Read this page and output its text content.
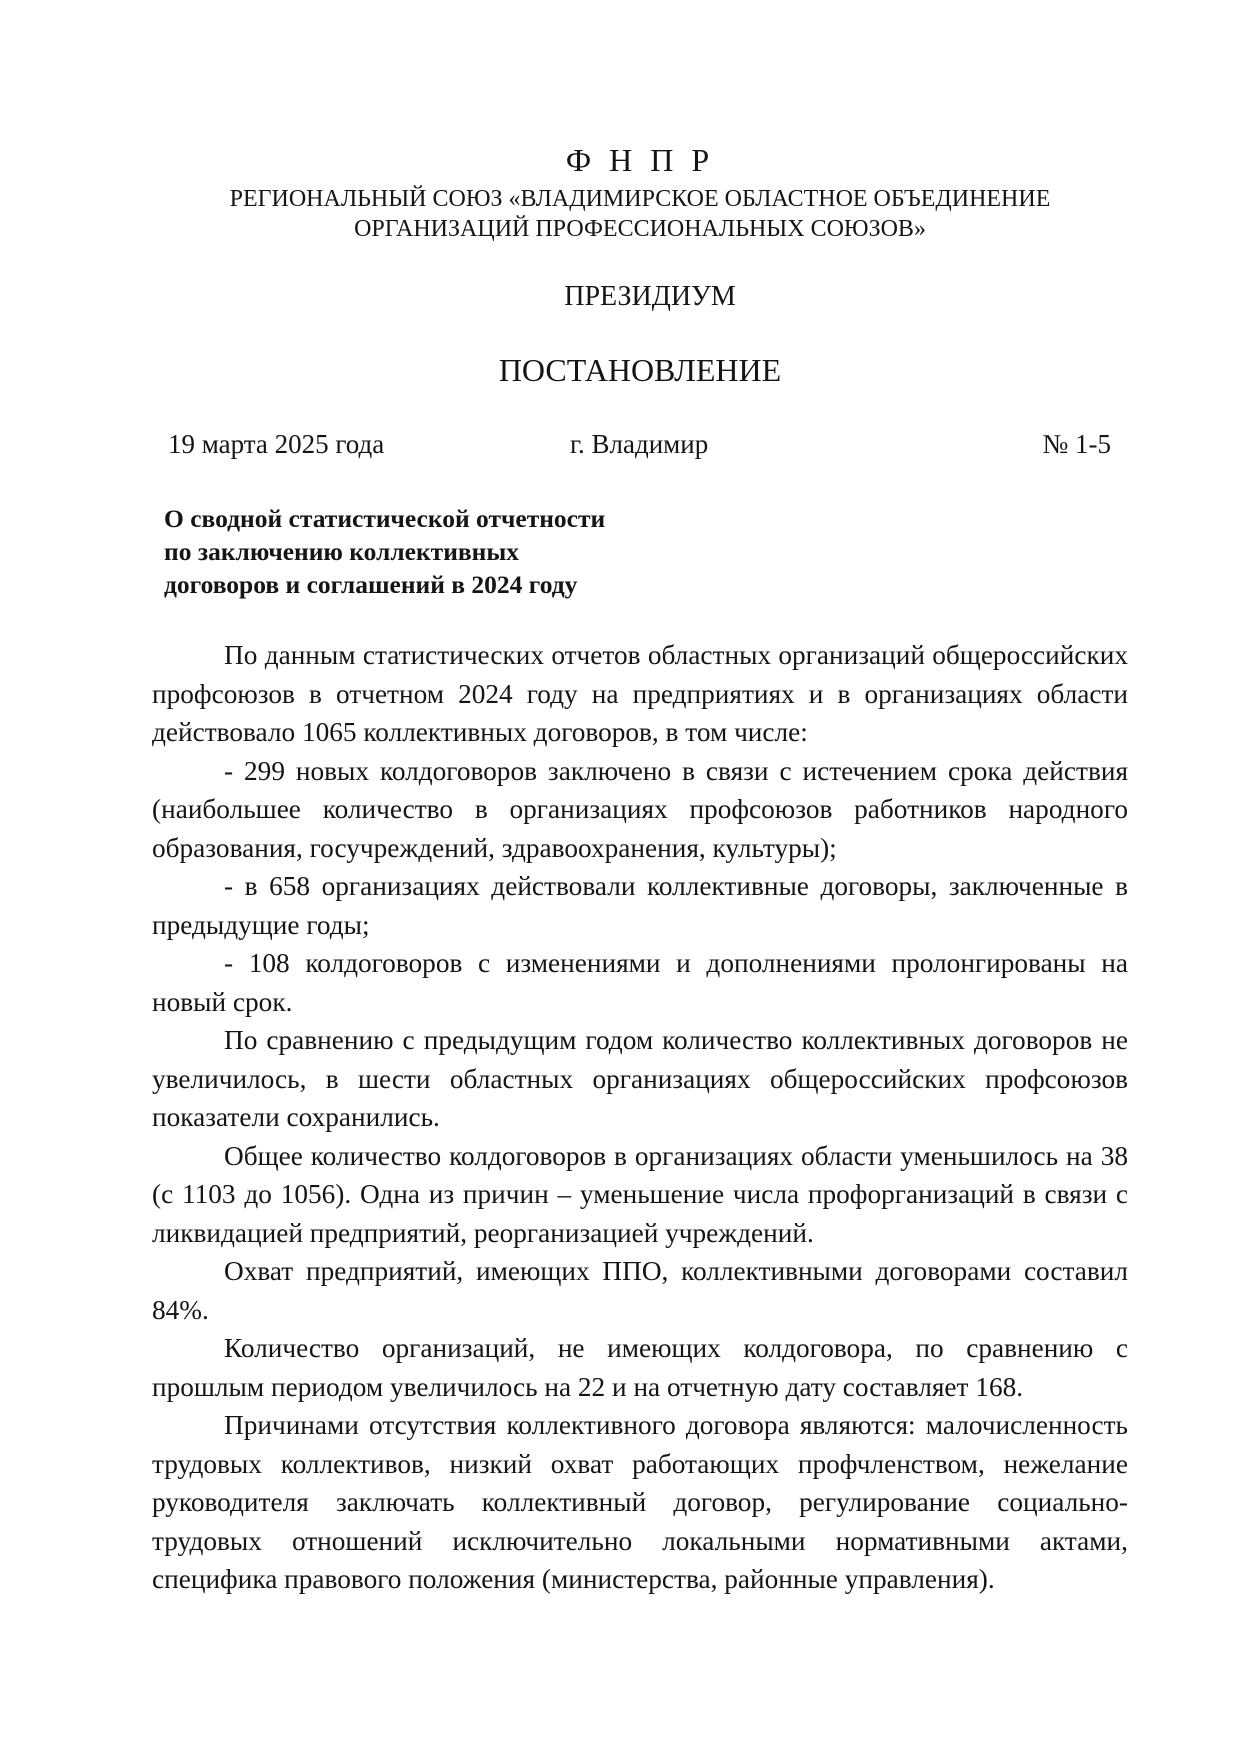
Ф Н П Р
РЕГИОНАЛЬНЫЙ СОЮЗ «ВЛАДИМИРСКОЕ ОБЛАСТНОЕ ОБЪЕДИНЕНИЕ
ОРГАНИЗАЦИЙ ПРОФЕССИОНАЛЬНЫХ СОЮЗОВ»
ПРЕЗИДИУМ
ПОСТАНОВЛЕНИЕ
19 марта 2025 года	г. Владимир	№ 1-5
О сводной статистической отчетности
по заключению коллективных
договоров и соглашений в 2024 году

По данным статистических отчетов областных организаций общероссийских профсоюзов в отчетном 2024 году на предприятиях и в организациях области действовало 1065 коллективных договоров, в том числе:

- 299 новых колдоговоров заключено в связи с истечением срока действия (наибольшее количество в организациях профсоюзов работников народного образования, госучреждений, здравоохранения, культуры);

- в 658 организациях действовали коллективные договоры, заключенные в предыдущие годы;

- 108 колдоговоров с изменениями и дополнениями пролонгированы на новый срок.

По сравнению с предыдущим годом количество коллективных договоров не увеличилось, в шести областных организациях общероссийских профсоюзов показатели сохранились.

Общее количество колдоговоров в организациях области уменьшилось на 38 (с 1103 до 1056). Одна из причин – уменьшение числа профорганизаций в связи с ликвидацией предприятий, реорганизацией учреждений.

Охват предприятий, имеющих ППО, коллективными договорами составил 84%.

Количество организаций, не имеющих колдоговора, по сравнению с прошлым периодом увеличилось на 22 и на отчетную дату составляет 168.

Причинами отсутствия коллективного договора являются: малочисленность трудовых коллективов, низкий охват работающих профчленством, нежелание руководителя заключать коллективный договор, регулирование социально-трудовых отношений исключительно локальными нормативными актами, специфика правового положения (министерства, районные управления).
